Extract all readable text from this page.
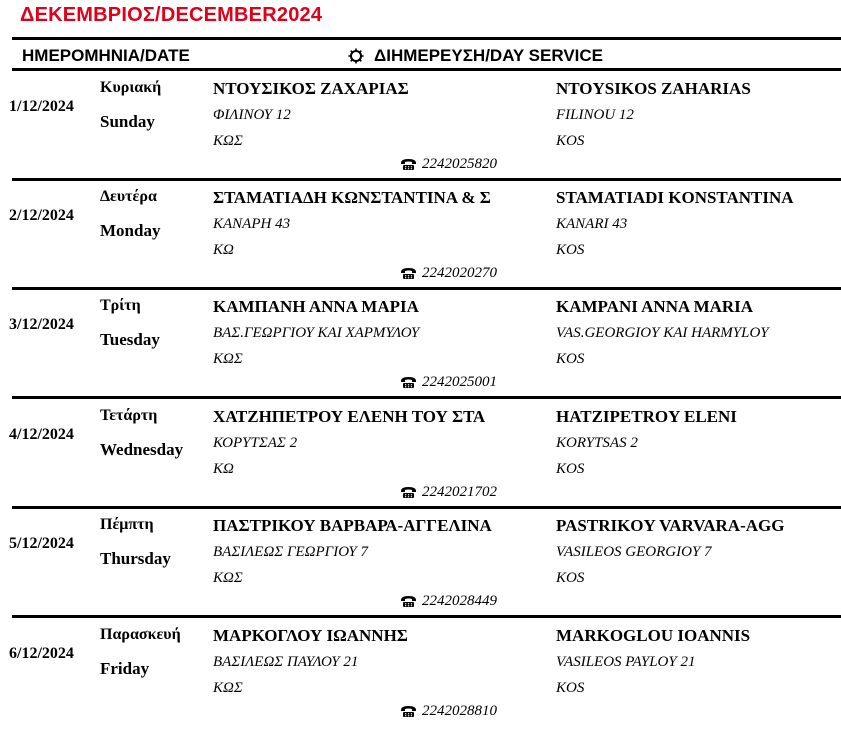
ΔΕΚΕΜΒΡΙΟΣ/DECEMBER2024
ΗΜΕΡΟΜΗΝΙΑ/DATE	ΔΙΗΜΕΡΕΥΣΗ/DAY SERVICE
1/12/2024
Κυριακή
Sunday
ΝΤΟΥΣΙΚΟΣ ΖΑΧΑΡΙΑΣ
ΦΙΛΙΝΟΥ 12
ΚΩΣ
NTOYSIKOS ZAHARIAS
FILINOU 12
KOS
2242025820
2/12/2024
Δευτέρα
Monday
ΣΤΑΜΑΤΙΑΔΗ ΚΩΝΣΤΑΝΤΙΝΑ & Σ
ΚΑΝΑΡΗ 43
ΚΩ
STAMATIADI KONSTANTINA
KANARI 43
KOS
2242020270
3/12/2024
Τρίτη
Tuesday
ΚΑΜΠΑΝΗ ΑΝΝΑ ΜΑΡΙΑ
ΒΑΣ.ΓΕΩΡΓΙΟΥ ΚΑΙ ΧΑΡΜΥΛΟΥ
ΚΩΣ
KAMPANI ANNA MARIA
VAS.GEORGIOY KAI HARMYLOY
KOS
2242025001
4/12/2024
Τετάρτη
Wednesday
ΧΑΤΖΗΠΕΤΡΟΥ ΕΛΕΝΗ ΤΟΥ ΣΤΑ
ΚΟΡΥΤΣΑΣ 2
ΚΩ
HATZIPETROY ELENI
KORYTSAS 2
KOS
2242021702
5/12/2024
Πέμπτη
Thursday
ΠΑΣΤΡΙΚΟΥ ΒΑΡΒΑΡΑ-ΑΓΓΕΛΙΝΑ
ΒΑΣΙΛΕΩΣ ΓΕΩΡΓΙΟΥ 7
ΚΩΣ
PASTRIKOY VARVARA-AGG
VASILEOS GEORGIOY 7
KOS
2242028449
6/12/2024
Παρασκευή
Friday
ΜΑΡΚΟΓΛΟΥ ΙΩΑΝΝΗΣ
ΒΑΣΙΛΕΩΣ ΠΑΥΛΟΥ 21
ΚΩΣ
MARKOGLOU IOANNIS
VASILEOS PAYLOY 21
KOS
2242028810
